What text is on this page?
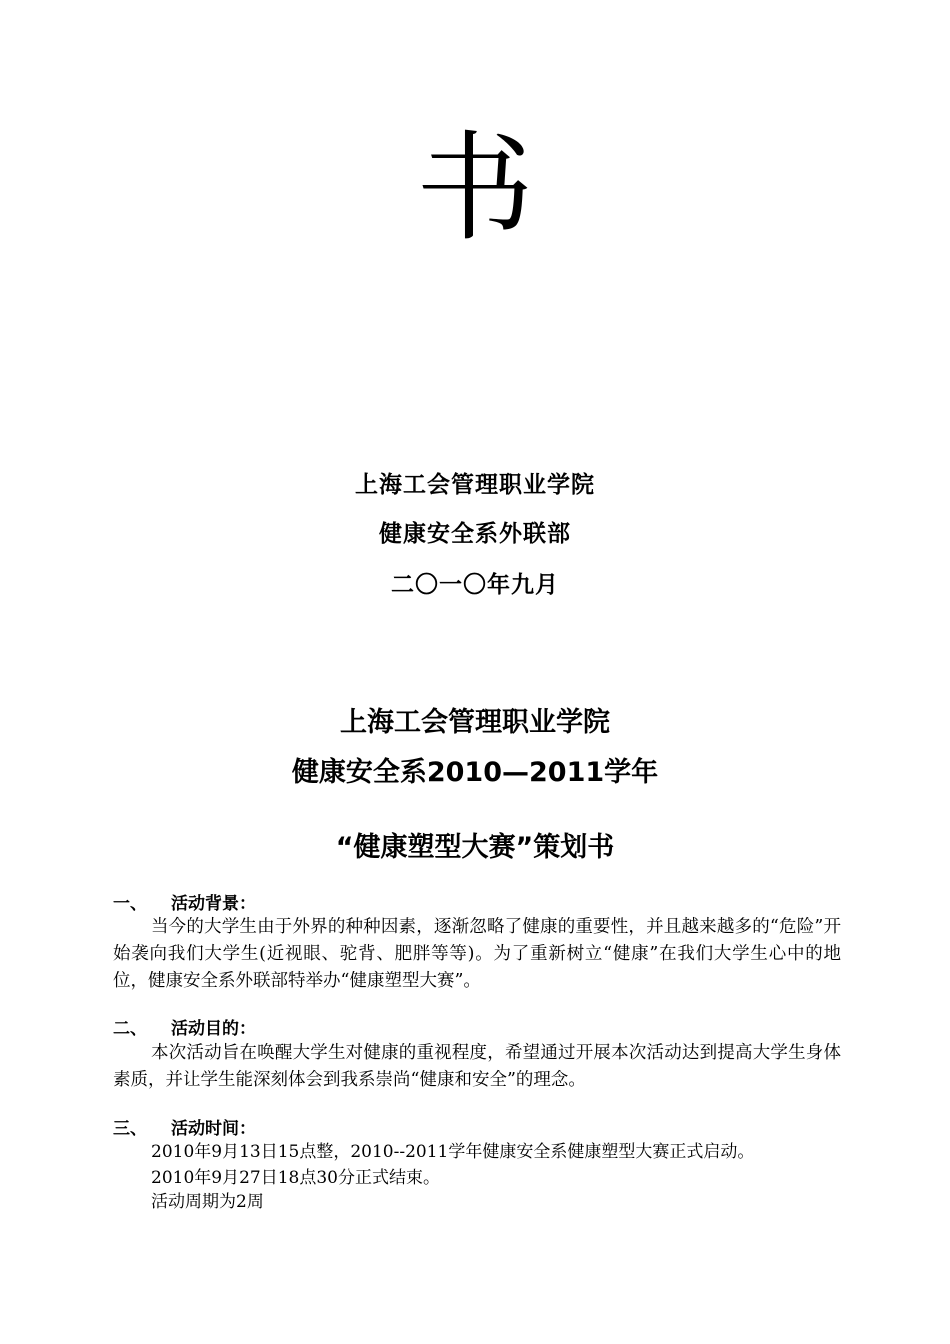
书
上海工会管理职业学院
健康安全系外联部
二〇一〇年九月
上海工会管理职业学院
健康安全系2010—2011学年
“健康塑型大赛”策划书
一、 活动背景：
当今的大学生由于外界的种种因素，逐渐忽略了健康的重要性，并且越来越多的“危险”开始袭向我们大学生(近视眼、驼背、肥胖等等)。为了重新树立“健康”在我们大学生心中的地位，健康安全系外联部特举办“健康塑型大赛”。
二、 活动目的：
本次活动旨在唤醒大学生对健康的重视程度，希望通过开展本次活动达到提高大学生身体素质，并让学生能深刻体会到我系崇尚“健康和安全”的理念。
三、 活动时间：
2010年9月13日15点整，2010--2011学年健康安全系健康塑型大赛正式启动。
2010年9月27日18点30分正式结束。
活动周期为2周
